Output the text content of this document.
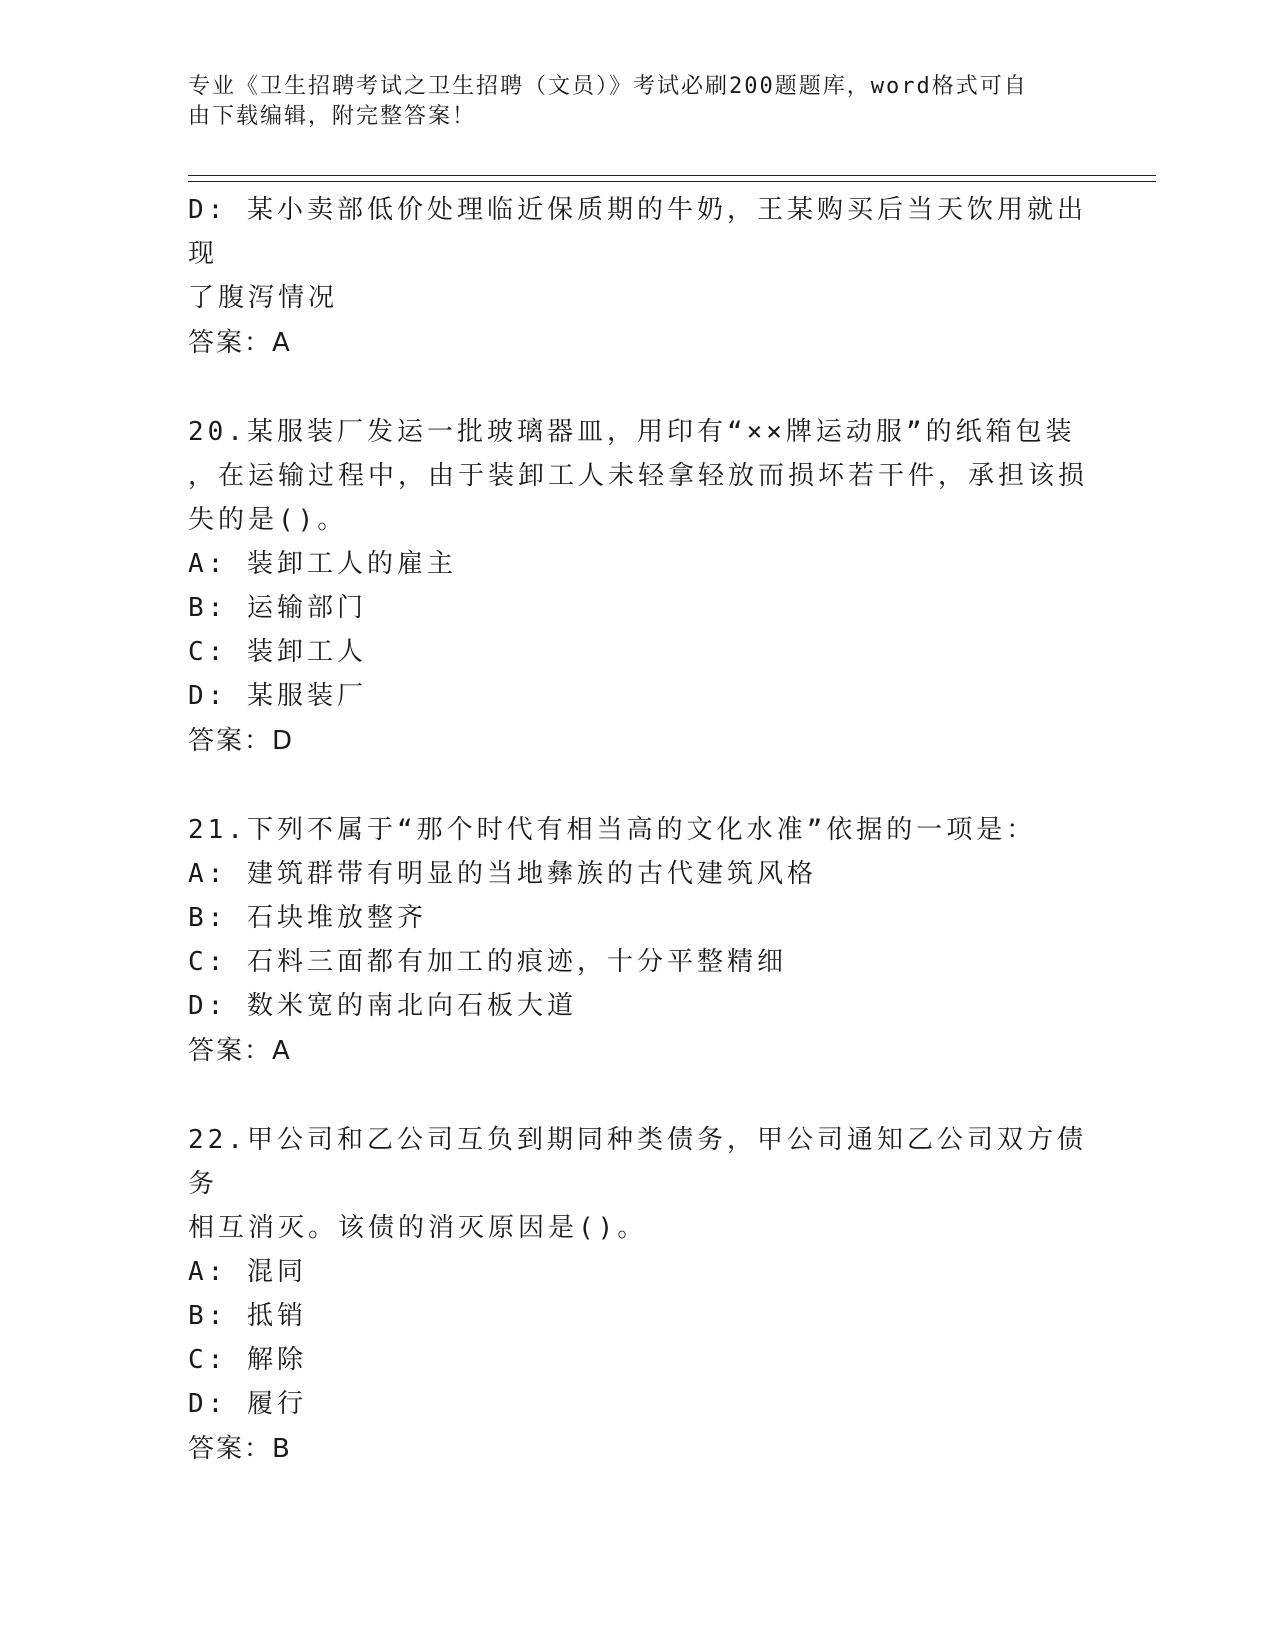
专业《卫生招聘考试之卫生招聘（文员）》考试必刷200题题库，word格式可自
由下载编辑，附完整答案！
D: 某小卖部低价处理临近保质期的牛奶，王某购买后当天饮用就出现
了腹泻情况
答案：A
20.某服装厂发运一批玻璃器皿，用印有“××牌运动服”的纸箱包装
，在运输过程中，由于装卸工人未轻拿轻放而损坏若干件，承担该损
失的是()。
A: 装卸工人的雇主
B: 运输部门
C: 装卸工人
D: 某服装厂
答案：D
21.下列不属于“那个时代有相当高的文化水准”依据的一项是：
A: 建筑群带有明显的当地彝族的古代建筑风格
B: 石块堆放整齐
C: 石料三面都有加工的痕迹，十分平整精细
D: 数米宽的南北向石板大道
答案：A
22.甲公司和乙公司互负到期同种类债务，甲公司通知乙公司双方债务
相互消灭。该债的消灭原因是()。
A: 混同
B: 抵销
C: 解除
D: 履行
答案：B
